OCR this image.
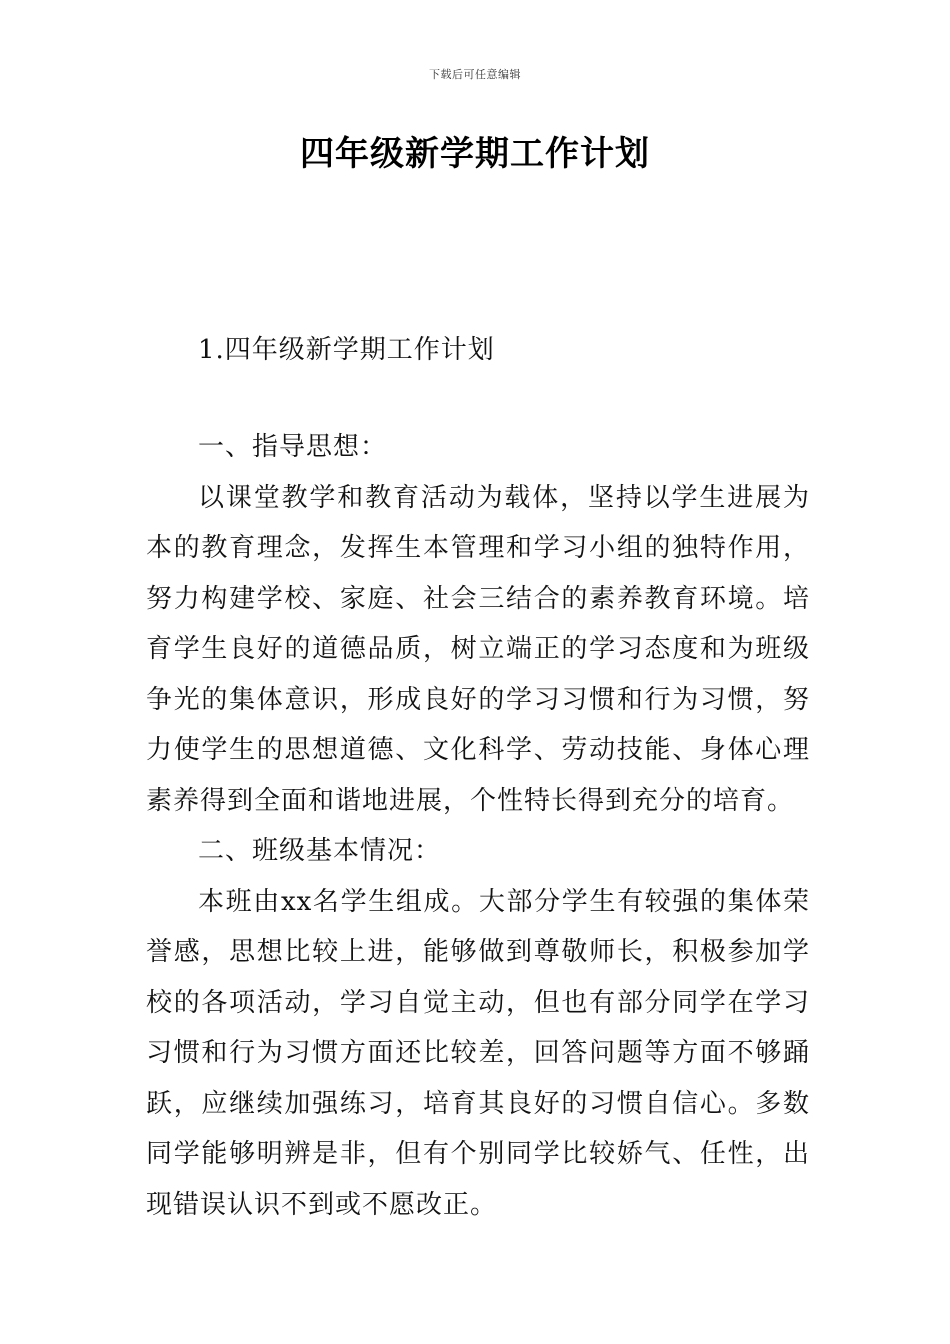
下载后可任意编辑
四年级新学期工作计划

1.四年级新学期工作计划

一、指导思想：

以课堂教学和教育活动为载体，坚持以学生进展为本的教育理念，发挥生本管理和学习小组的独特作用，努力构建学校、家庭、社会三结合的素养教育环境。培育学生良好的道德品质，树立端正的学习态度和为班级争光的集体意识，形成良好的学习习惯和行为习惯，努力使学生的思想道德、文化科学、劳动技能、身体心理素养得到全面和谐地进展，个性特长得到充分的培育。

二、班级基本情况：

本班由xx名学生组成。大部分学生有较强的集体荣誉感，思想比较上进，能够做到尊敬师长，积极参加学校的各项活动，学习自觉主动，但也有部分同学在学习习惯和行为习惯方面还比较差，回答问题等方面不够踊跃，应继续加强练习，培育其良好的习惯自信心。多数同学能够明辨是非，但有个别同学比较娇气、任性，出现错误认识不到或不愿改正。
